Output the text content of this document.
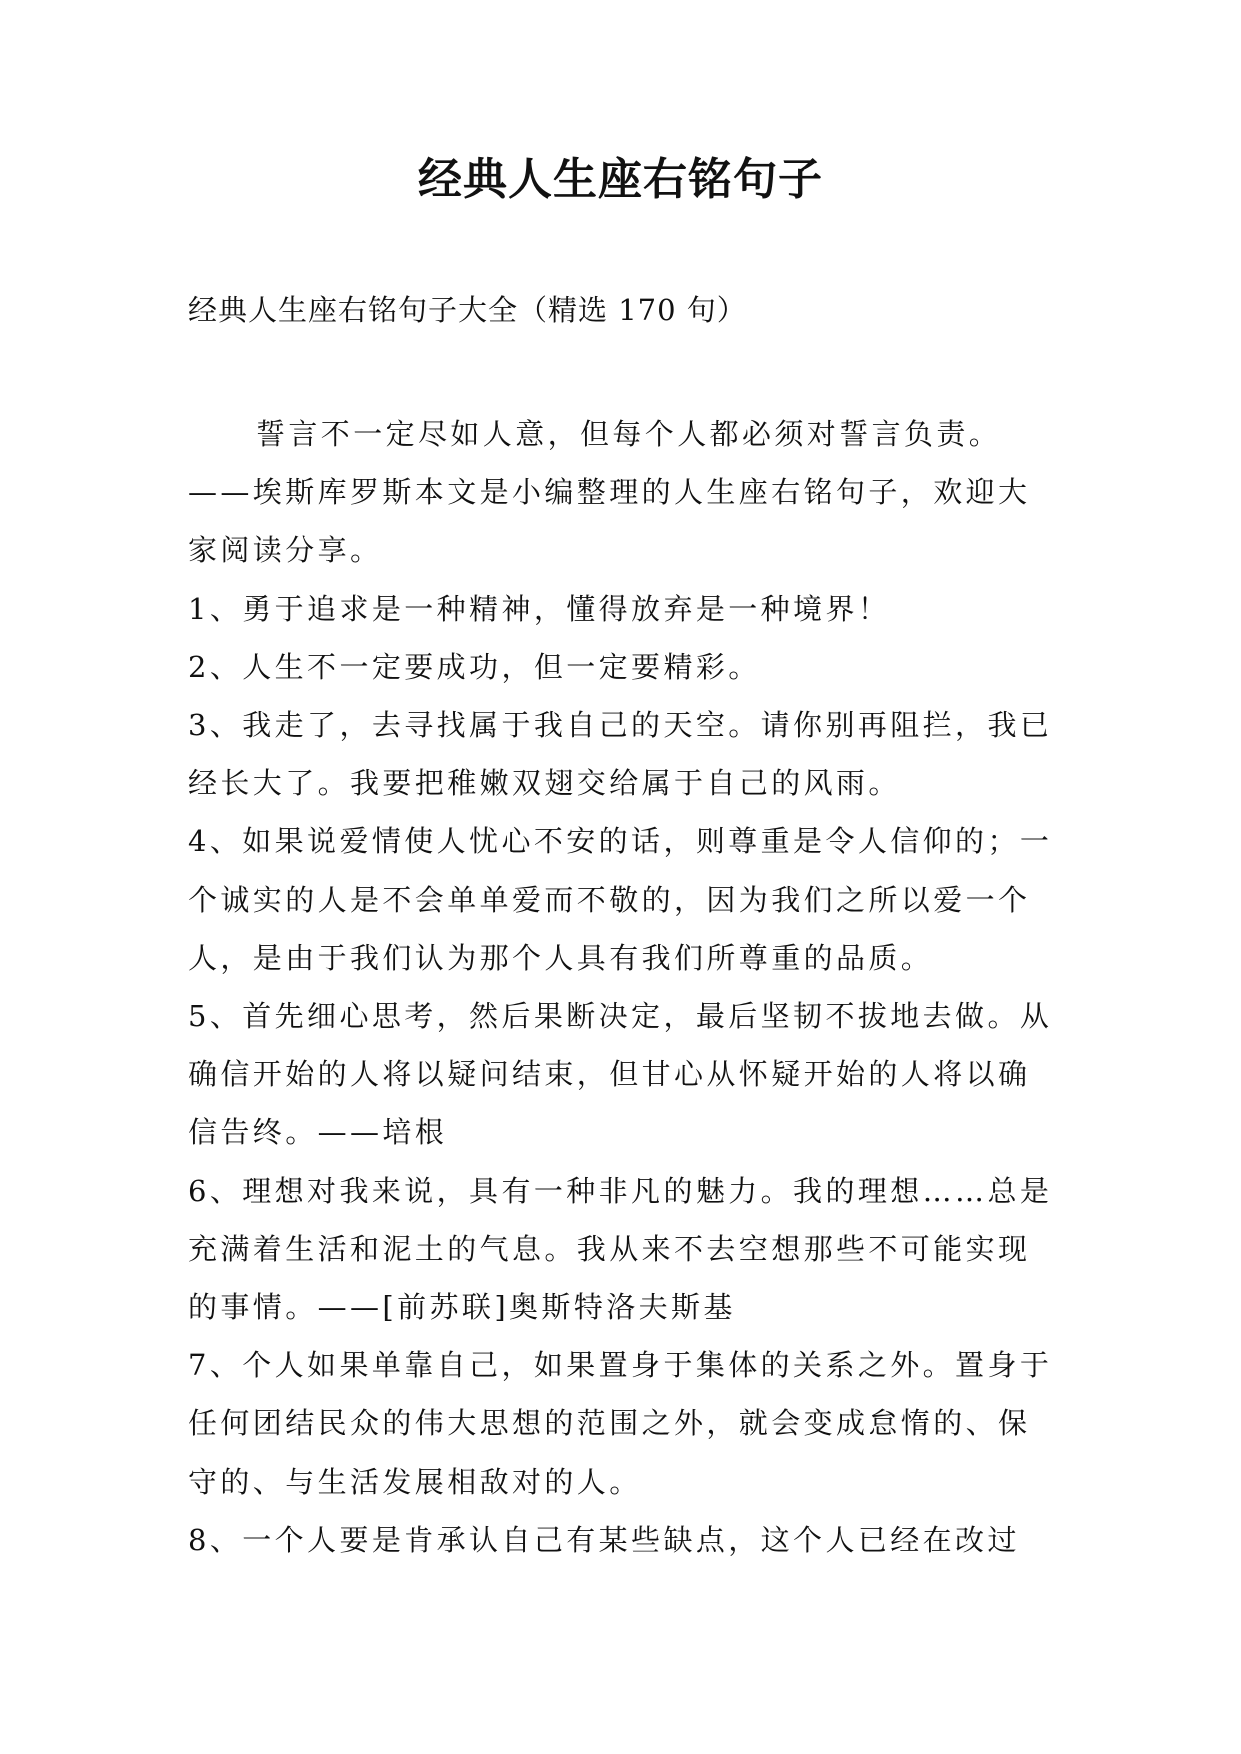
经典人生座右铭句子

经典人生座右铭句子大全（精选 170 句）

誓言不一定尽如人意，但每个人都必须对誓言负责。——埃斯库罗斯本文是小编整理的人生座右铭句子，欢迎大家阅读分享。

1、勇于追求是一种精神，懂得放弃是一种境界！

2、人生不一定要成功，但一定要精彩。

3、我走了，去寻找属于我自己的天空。请你别再阻拦，我已经长大了。我要把稚嫩双翅交给属于自己的风雨。

4、如果说爱情使人忧心不安的话，则尊重是令人信仰的；一个诚实的人是不会单单爱而不敬的，因为我们之所以爱一个人，是由于我们认为那个人具有我们所尊重的品质。

5、首先细心思考，然后果断决定，最后坚韧不拔地去做。从确信开始的人将以疑问结束，但甘心从怀疑开始的人将以确信告终。——培根

6、理想对我来说，具有一种非凡的魅力。我的理想……总是充满着生活和泥土的气息。我从来不去空想那些不可能实现的事情。——[前苏联]奥斯特洛夫斯基

7、个人如果单靠自己，如果置身于集体的关系之外。置身于任何团结民众的伟大思想的范围之外，就会变成怠惰的、保守的、与生活发展相敌对的人。

8、一个人要是肯承认自己有某些缺点，这个人已经在改过
